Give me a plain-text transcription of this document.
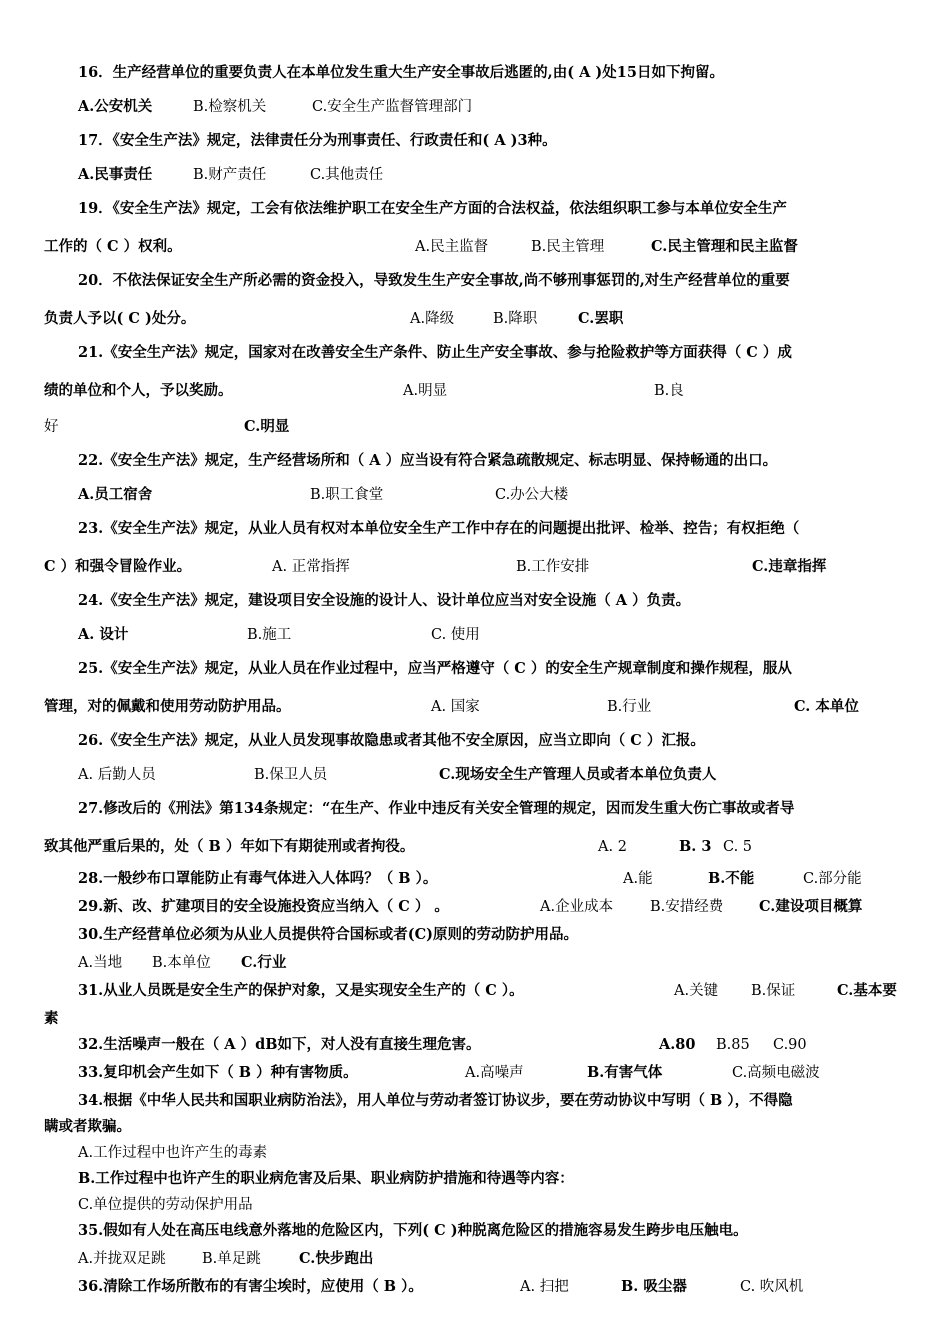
16．生产经营单位的重要负责人在本单位发生重大生产安全事故后逃匿的,由( A )处15日如下拘留。
A.公安机关	B.检察机关	C.安全生产监督管理部门
17．《安全生产法》规定，法律责任分为刑事责任、行政责任和( A )3种。
A.民事责任	B.财产责任	C.其他责任
19．《安全生产法》规定，工会有依法维护职工在安全生产方面的合法权益，依法组织职工参与本单位安全生产
工作的（ C ）权利。	A.民主监督	B.民主管理	C.民主管理和民主监督
20．不依法保证安全生产所必需的资金投入，导致发生生产安全事故,尚不够刑事惩罚的,对生产经营单位的重要
负责人予以( C )处分。	A.降级	B.降职	C.罢职
21.《安全生产法》规定，国家对在改善安全生产条件、防止生产安全事故、参与抢险救护等方面获得（ C ）成
绩的单位和个人，予以奖励。	A.明显	B.良
好	C.明显
22.《安全生产法》规定，生产经营场所和（ A ）应当设有符合紧急疏散规定、标志明显、保持畅通的出口。
A.员工宿舍	B.职工食堂	C.办公大楼
23.《安全生产法》规定，从业人员有权对本单位安全生产工作中存在的问题提出批评、检举、控告；有权拒绝（
C ）和强令冒险作业。	A. 正常指挥	B.工作安排	C.违章指挥
24.《安全生产法》规定，建设项目安全设施的设计人、设计单位应当对安全设施（ A ）负责。
A. 设计	B.施工	C. 使用
25.《安全生产法》规定，从业人员在作业过程中，应当严格遵守（ C ）的安全生产规章制度和操作规程，服从
管理，对的佩戴和使用劳动防护用品。	A. 国家	B.行业	C. 本单位
26.《安全生产法》规定，从业人员发现事故隐患或者其他不安全原因，应当立即向（ C ）汇报。
A. 后勤人员	B.保卫人员	C.现场安全生产管理人员或者本单位负责人
27.修改后的《刑法》第134条规定：“在生产、作业中违反有关安全管理的规定，因而发生重大伤亡事故或者导
致其他严重后果的，处（ B ）年如下有期徒刑或者拘役。	A. 2	B. 3 C. 5
28.一般纱布口罩能防止有毒气体进入人体吗？（ B ）。	A.能	B.不能	C.部分能
29.新、改、扩建项目的安全设施投资应当纳入（ C ） 。	A.企业成本	B.安措经费 C.建设项目概算
30.生产经营单位必须为从业人员提供符合国标或者(C)原则的劳动防护用品。
A.当地 B.本单位 C.行业
31.从业人员既是安全生产的保护对象，又是实现安全生产的（ C ）。	A.关键 B.保证	C.基本要
素
32.生活噪声一般在（ A ）dB如下，对人没有直接生理危害。	A.80 B.85 C.90
33.复印机会产生如下（ B ）种有害物质。	A.高噪声	B.有害气体	C.高频电磁波
34.根据《中华人民共和国职业病防治法》，用人单位与劳动者签订协议步，要在劳动协议中写明（ B ），不得隐
瞒或者欺骗。
A.工作过程中也许产生的毒素
B.工作过程中也许产生的职业病危害及后果、职业病防护措施和待遇等内容：
C.单位提供的劳动保护用品
35.假如有人处在高压电线意外落地的危险区内，下列( C )种脱离危险区的措施容易发生跨步电压触电。
A.并拢双足跳	B.单足跳	C.快步跑出
36.清除工作场所散布的有害尘埃时，应使用（ B ）。	A. 扫把	B. 吸尘器	C. 吹风机
